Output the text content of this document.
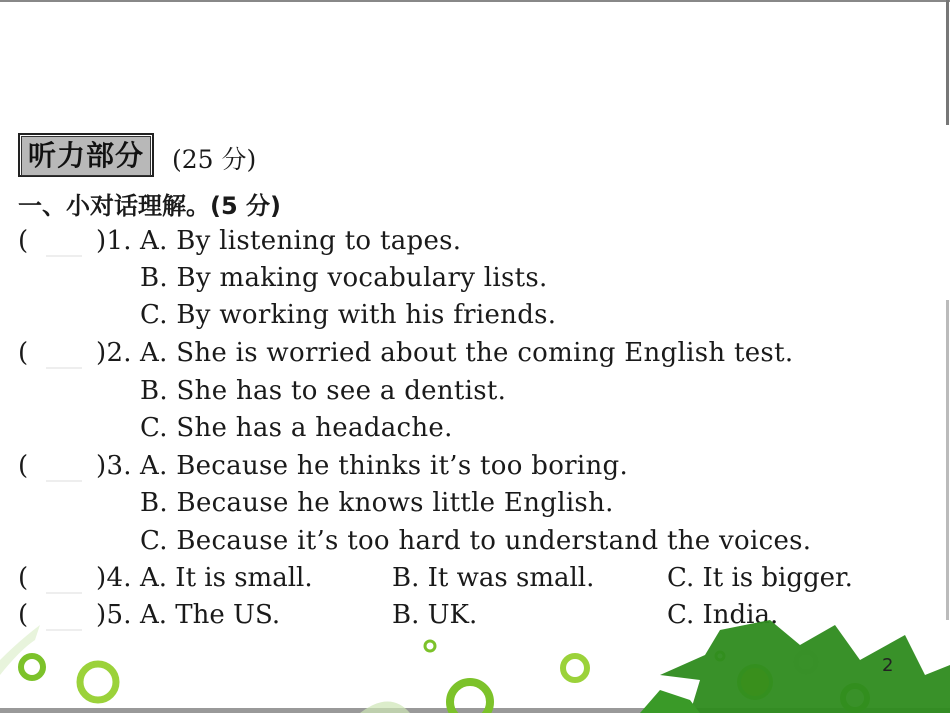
听力部分 (25 分)
一、小对话理解。(5 分)
(	)1. A. By listening to tapes.
B. By making vocabulary lists.
C. By working with his friends.
(	)2. A. She is worried about the coming English test.
B. She has to see a dentist.
C. She has a headache.
(	)3. A. Because he thinks it’s too boring.
B. Because he knows little English.
C. Because it’s too hard to understand the voices.
(	)4. A. It is small.	B. It was small.	C. It is bigger.
(	)5. A. The US.	B. UK.	C. India.
2
